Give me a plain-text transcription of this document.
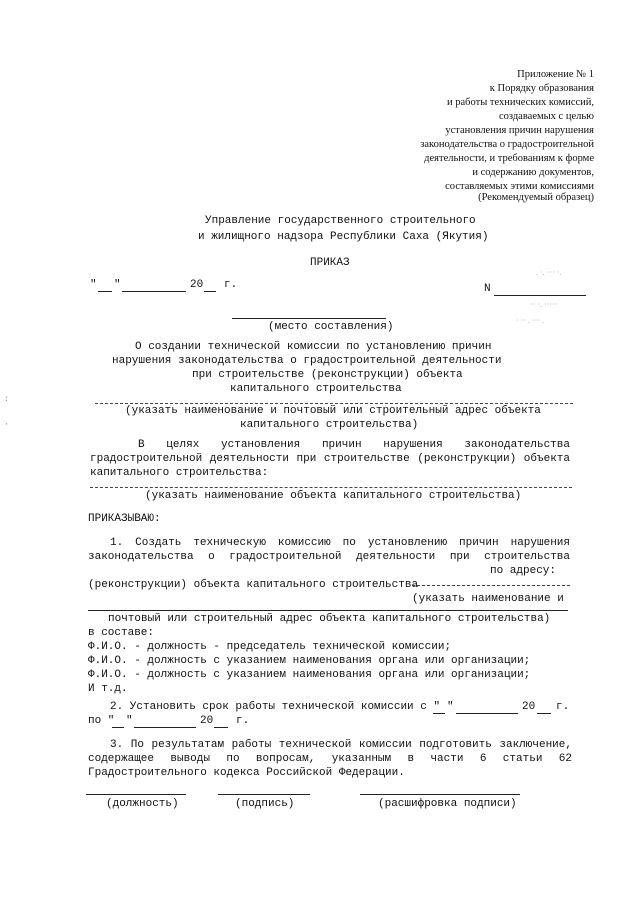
Приложение № 1
к Порядку образования
и работы технических комиссий,
создаваемых с целью
установления причин нарушения
законодательства о градостроительной
деятельности, и требованиям к форме
и содержанию документов,
составляемых этими комиссиями
(Рекомендуемый образец)
Управление государственного строительного
и жилищного надзора Республики Саха (Якутия)
ПРИКАЗ
" "	20 г.	N
. ·. ··· ·.
·· ·. ·····
· ·· . ··· .
(место составления)
О создании технической комиссии по установлению причин
нарушения законодательства о градостроительной деятельности
при строительстве (реконструкции) объекта
капитального строительства
(указать наименование и почтовый или строительный адрес объекта
капитального строительства)
В целях установления причин нарушения законодательства
градостроительной деятельности при строительстве (реконструкции) объекта
капитального строительства:
(указать наименование объекта капитального строительства)
ПРИКАЗЫВАЮ:
1. Создать техническую комиссию по установлению причин нарушения
законодательства о градостроительной деятельности при строительства
по адресу:
(реконструкции) объекта капитального строительства
(указать наименование и
почтовый или строительный адрес объекта капитального строительства)
в составе:
Ф.И.О. - должность - председатель технической комиссии;
Ф.И.О. - должность с указанием наименования органа или организации;
Ф.И.О. - должность с указанием наименования органа или организации;
И т.д.
2. Установить срок работы технической комиссии с " "	20 г.
по " "	20 г.
3. По результатам работы технической комиссии подготовить заключение,
содержащее выводы по вопросам, указанным в части 6 статьи 62
Градостроительного кодекса Российской Федерации.
(должность)	(подпись)	(расшифровка подписи)
:
·
